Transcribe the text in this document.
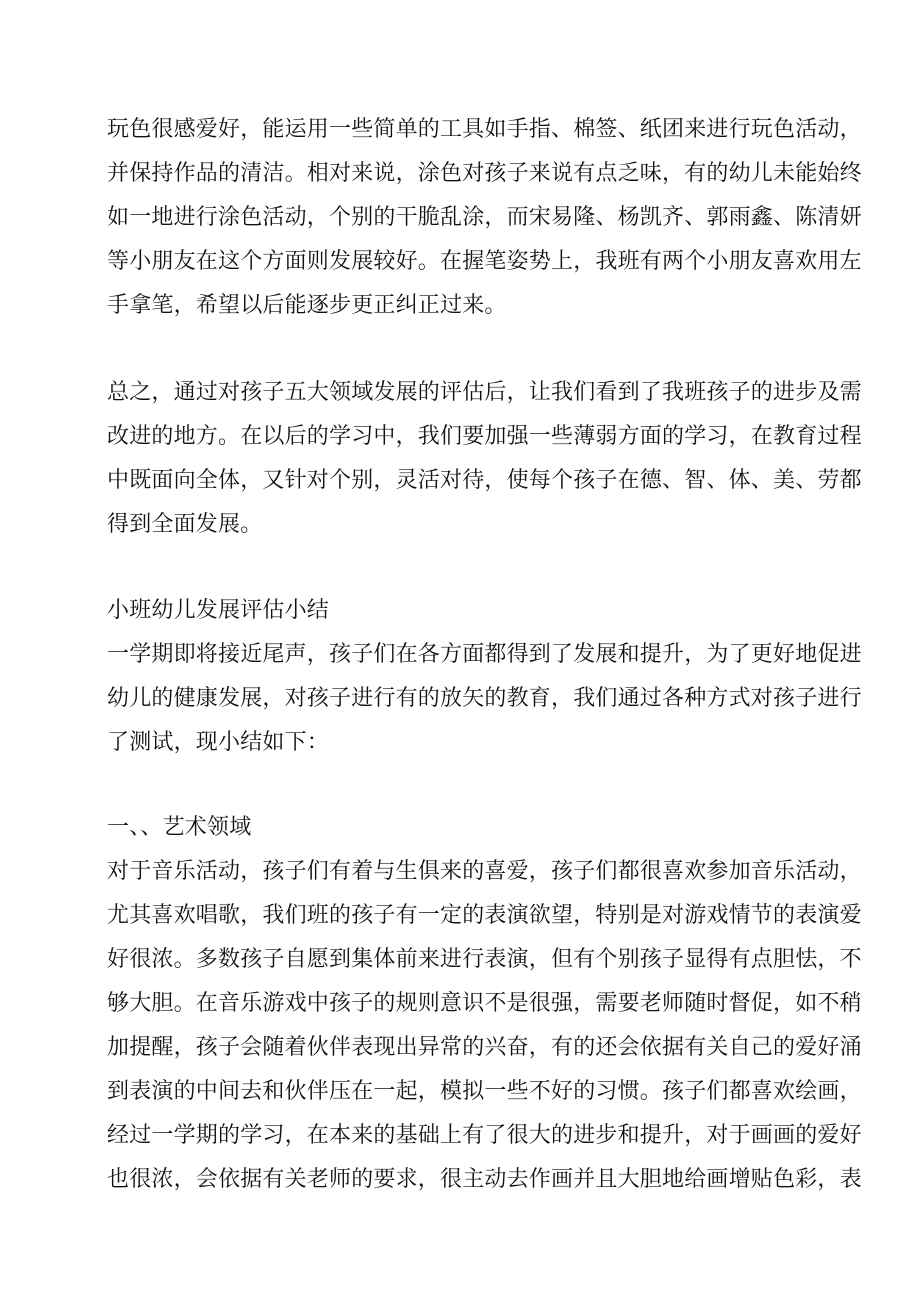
玩色很感爱好，能运用一些简单的工具如手指、棉签、纸团来进行玩色活动，

并保持作品的清洁。相对来说，涂色对孩子来说有点乏味，有的幼儿未能始终

如一地进行涂色活动，个别的干脆乱涂，而宋易隆、杨凯齐、郭雨鑫、陈清妍

等小朋友在这个方面则发展较好。在握笔姿势上，我班有两个小朋友喜欢用左

手拿笔，希望以后能逐步更正纠正过来。

总之，通过对孩子五大领域发展的评估后，让我们看到了我班孩子的进步及需

改进的地方。在以后的学习中，我们要加强一些薄弱方面的学习，在教育过程

中既面向全体，又针对个别，灵活对待，使每个孩子在德、智、体、美、劳都

得到全面发展。

小班幼儿发展评估小结

一学期即将接近尾声，孩子们在各方面都得到了发展和提升，为了更好地促进

幼儿的健康发展，对孩子进行有的放矢的教育，我们通过各种方式对孩子进行

了测试，现小结如下：

一、、艺术领域

对于音乐活动，孩子们有着与生俱来的喜爱，孩子们都很喜欢参加音乐活动，

尤其喜欢唱歌，我们班的孩子有一定的表演欲望，特别是对游戏情节的表演爱

好很浓。多数孩子自愿到集体前来进行表演，但有个别孩子显得有点胆怯，不

够大胆。在音乐游戏中孩子的规则意识不是很强，需要老师随时督促，如不稍

加提醒，孩子会随着伙伴表现出异常的兴奋，有的还会依据有关自己的爱好涌

到表演的中间去和伙伴压在一起，模拟一些不好的习惯。孩子们都喜欢绘画，

经过一学期的学习，在本来的基础上有了很大的进步和提升，对于画画的爱好

也很浓，会依据有关老师的要求，很主动去作画并且大胆地给画增贴色彩，表
